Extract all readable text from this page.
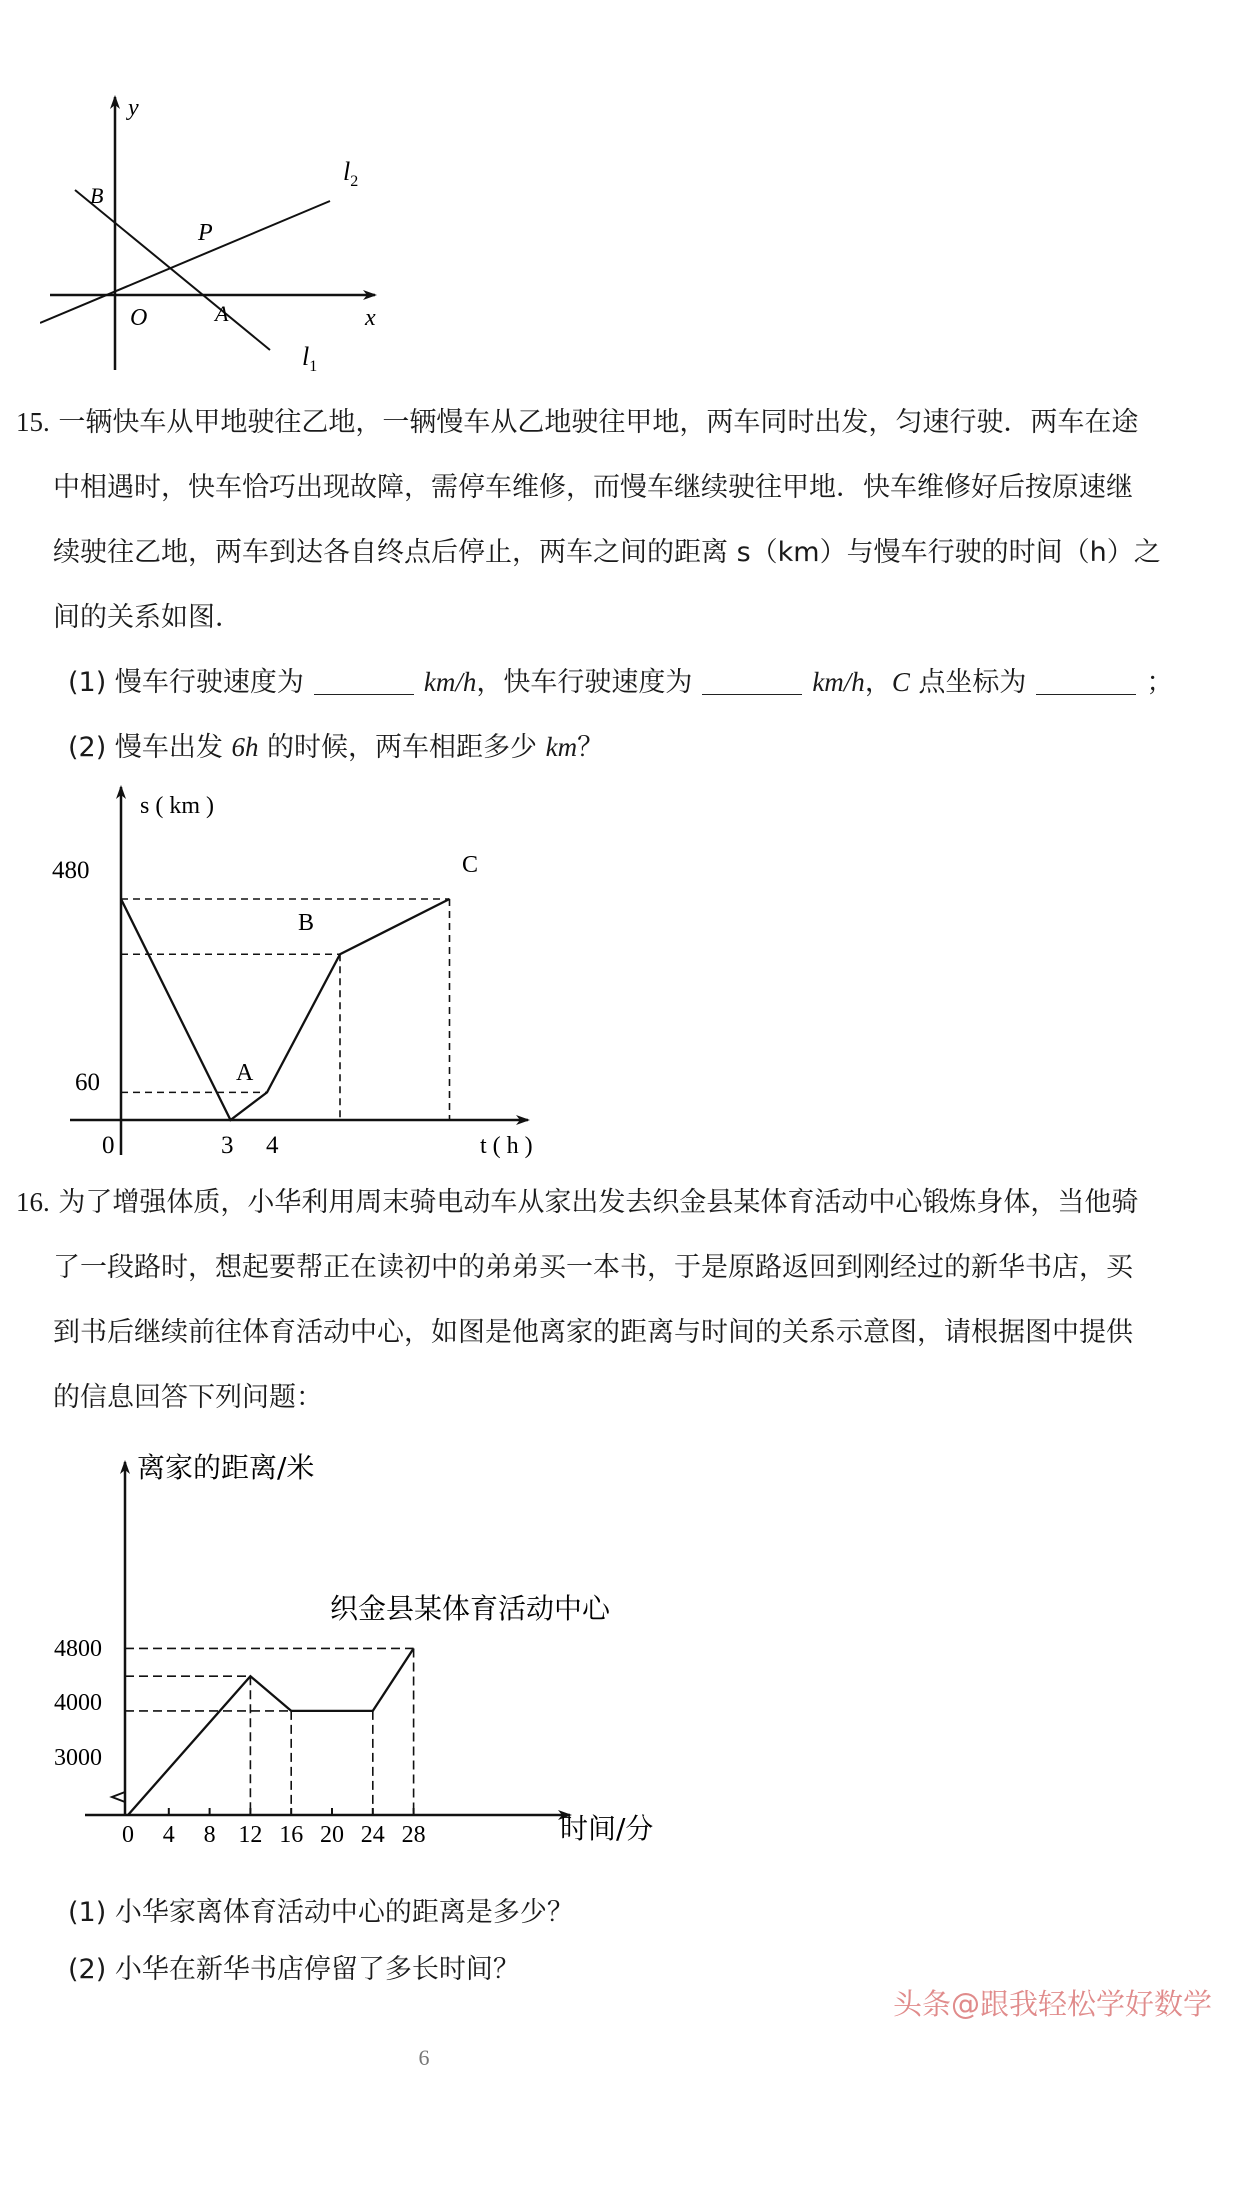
y
x
O
B
P
A
$l_1$
$l_2$
15. 一辆快车从甲地驶往乙地，一辆慢车从乙地驶往甲地，两车同时出发，匀速行驶．两车在途
中相遇时，快车恰巧出现故障，需停车维修，而慢车继续驶往甲地．快车维修好后按原速继
续驶往乙地，两车到达各自终点后停止，两车之间的距离 s（km）与慢车行驶的时间（h）之
间的关系如图．
(1) 慢车行驶速度为	km/h，快车行驶速度为	km/h，C 点坐标为	；
(2) 慢车出发 6h 的时候，两车相距多少 km？
s ( km )
t ( h )
480
60
0	3 4
A
B
C
16. 为了增强体质，小华利用周末骑电动车从家出发去织金县某体育活动中心锻炼身体，当他骑
了一段路时，想起要帮正在读初中的弟弟买一本书，于是原路返回到刚经过的新华书店，买
到书后继续前往体育活动中心，如图是他离家的距离与时间的关系示意图，请根据图中提供
的信息回答下列问题：
离家的距离/米
时间/分
织金县某体育活动中心
4800
4000
3000
0 4 8 12 16 20 24 28
(1) 小华家离体育活动中心的距离是多少？
(2) 小华在新华书店停留了多长时间？
头条@跟我轻松学好数学
6
